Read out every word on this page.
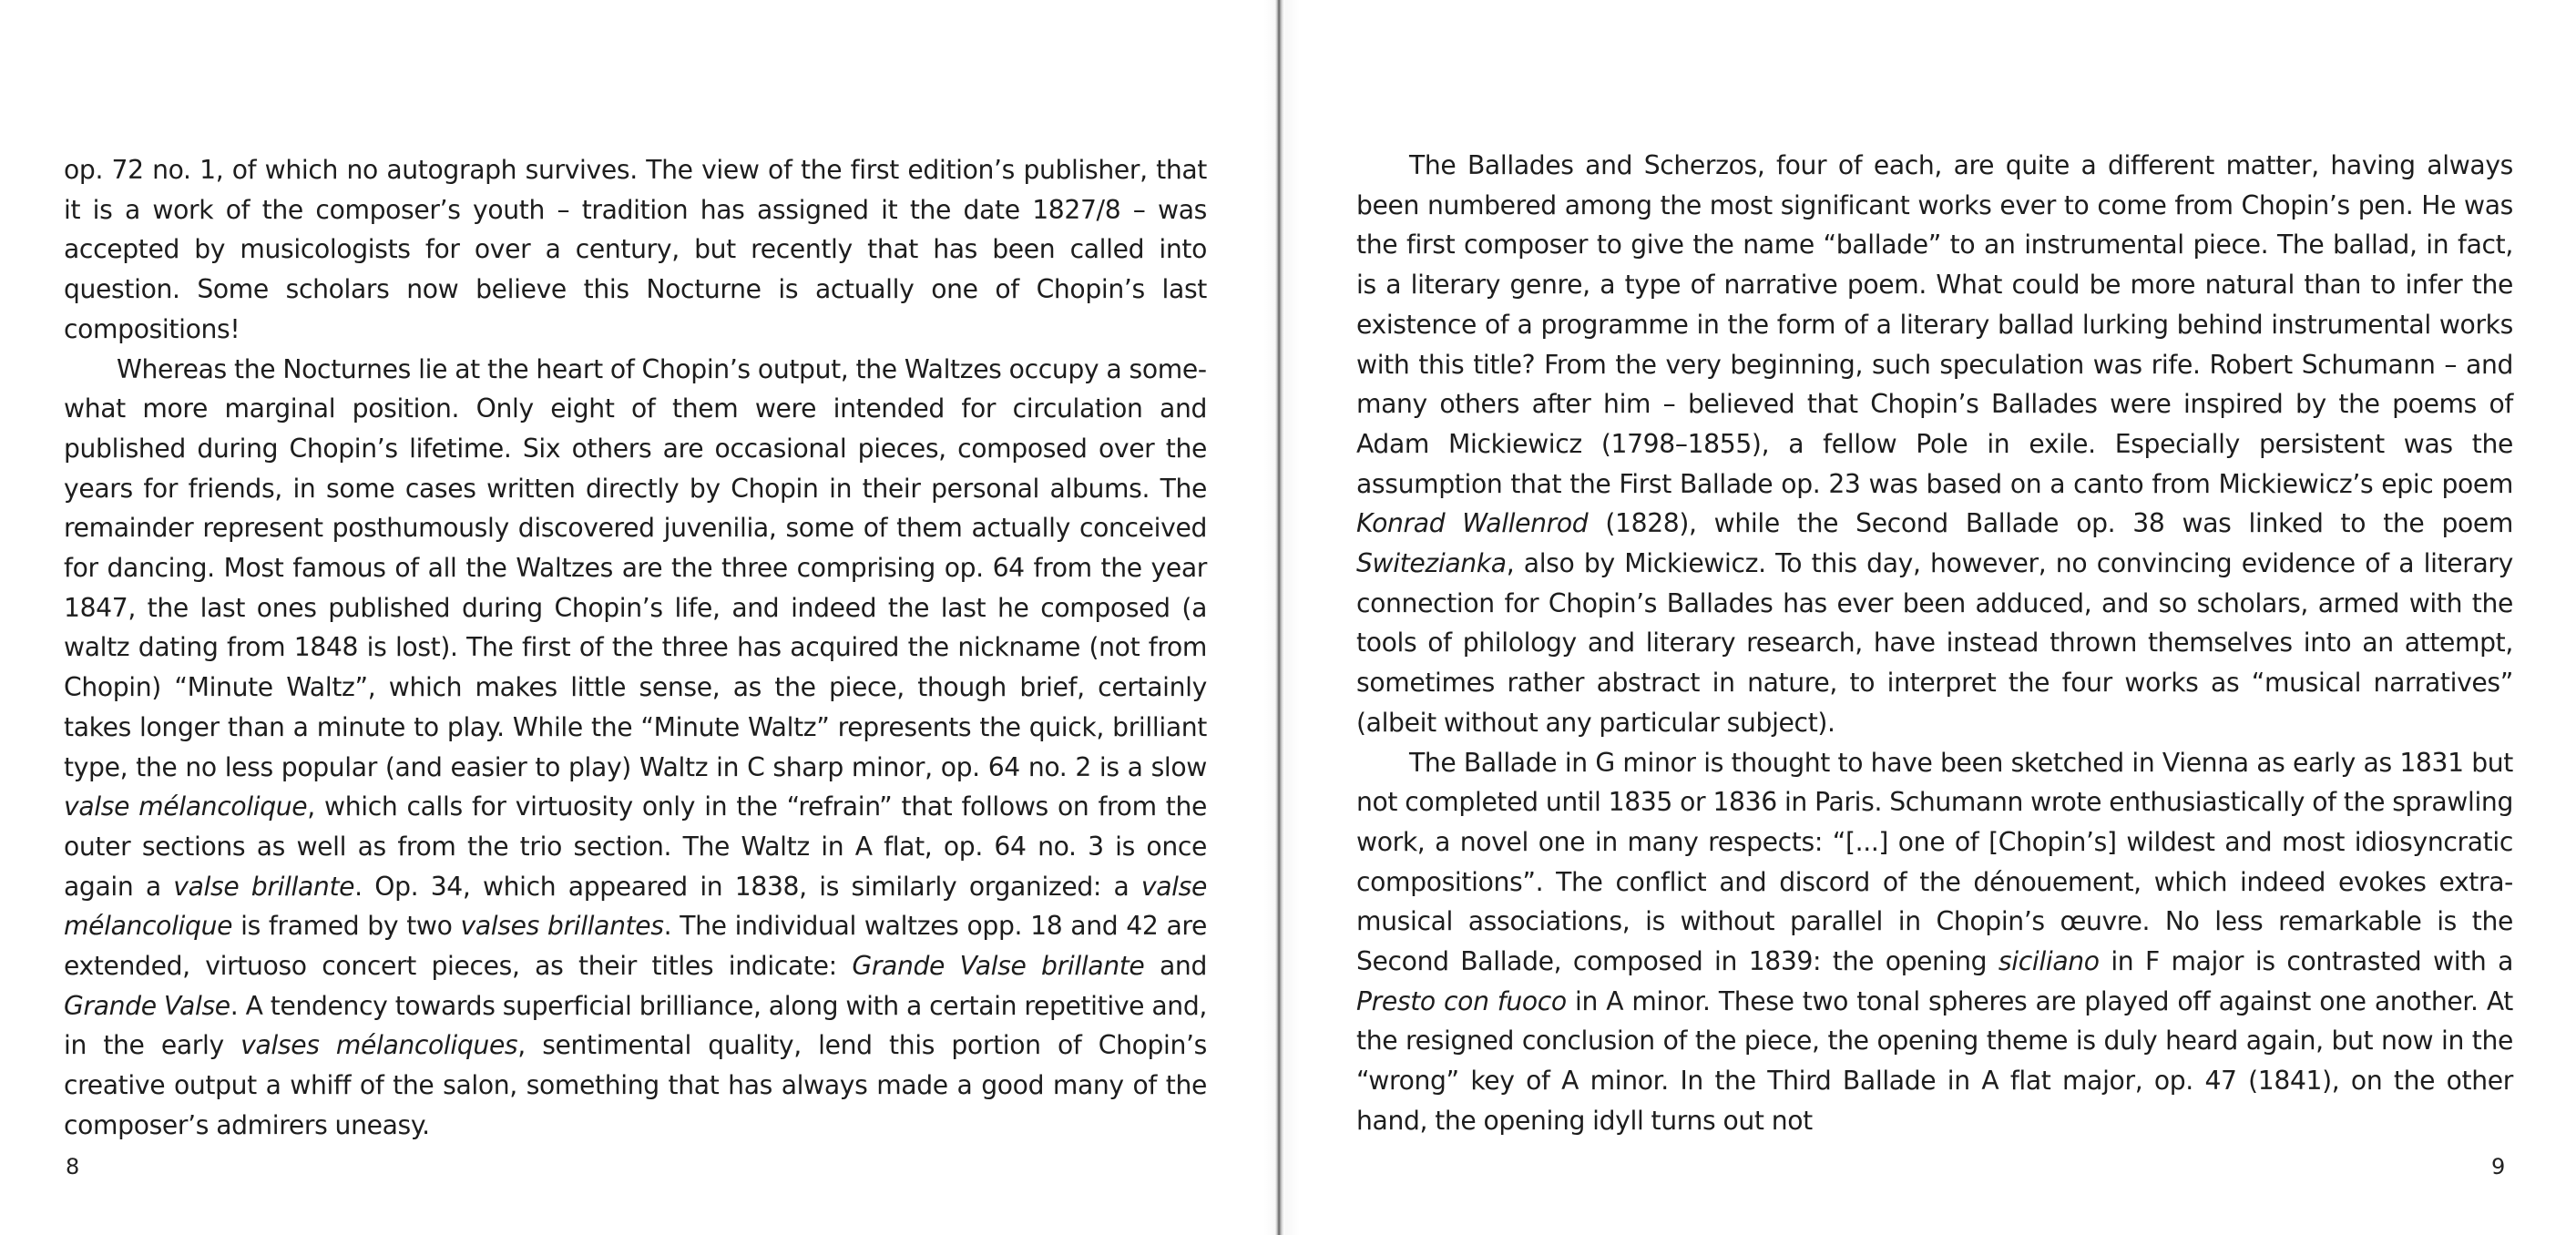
op. 72 no. 1, of which no autograph survives. The view of the first edition’s publisher, that it is a work of the composer’s youth – tradition has assigned it the date 1827/8 – was accepted by musicologists for over a century, but recently that has been called into question. Some scholars now believe this Nocturne is actually one of Chopin’s last compositions!

Whereas the Nocturnes lie at the heart of Chopin’s output, the Waltzes occupy a somewhat more marginal position. Only eight of them were intended for circulation and published during Chopin’s lifetime. Six others are occasional pieces, composed over the years for friends, in some cases written directly by Chopin in their personal albums. The remainder represent posthumously discovered juvenilia, some of them actually conceived for dancing. Most famous of all the Waltzes are the three comprising op. 64 from the year 1847, the last ones published during Chopin’s life, and indeed the last he composed (a waltz dating from 1848 is lost). The first of the three has acquired the nickname (not from Chopin) “Minute Waltz”, which makes little sense, as the piece, though brief, certainly takes longer than a minute to play. While the “Minute Waltz” represents the quick, brilliant type, the no less popular (and easier to play) Waltz in C sharp minor, op. 64 no. 2 is a slow valse mélancolique, which calls for virtuosity only in the “refrain” that follows on from the outer sections as well as from the trio section. The Waltz in A flat, op. 64 no. 3 is once again a valse brillante. Op. 34, which appeared in 1838, is similarly organized: a valse mélancolique is framed by two valses brillantes. The individual waltzes opp. 18 and 42 are extended, virtuoso concert pieces, as their titles indicate: Grande Valse brillante and Grande Valse. A tendency towards superficial brilliance, along with a certain repetitive and, in the early valses mélancoliques, sentimental quality, lend this portion of Chopin’s creative output a whiff of the salon, something that has always made a good many of the composer’s admirers uneasy.

8

The Ballades and Scherzos, four of each, are quite a different matter, having always been numbered among the most significant works ever to come from Chopin’s pen. He was the first composer to give the name “ballade” to an instrumental piece. The ballad, in fact, is a literary genre, a type of narrative poem. What could be more natural than to infer the existence of a programme in the form of a literary ballad lurking behind instrumental works with this title? From the very beginning, such speculation was rife. Robert Schumann – and many others after him – believed that Chopin’s Ballades were inspired by the poems of Adam Mickiewicz (1798–1855), a fellow Pole in exile. Especially persistent was the assumption that the First Ballade op. 23 was based on a canto from Mickiewicz’s epic poem Konrad Wallenrod (1828), while the Second Ballade op. 38 was linked to the poem Switezianka, also by Mickiewicz. To this day, however, no convincing evidence of a literary connection for Chopin’s Ballades has ever been adduced, and so scholars, armed with the tools of philology and literary research, have instead thrown themselves into an attempt, sometimes rather abstract in nature, to interpret the four works as “musical narratives” (albeit without any particular subject).

The Ballade in G minor is thought to have been sketched in Vienna as early as 1831 but not completed until 1835 or 1836 in Paris. Schumann wrote enthusiastically of the sprawling work, a novel one in many respects: “[...] one of [Chopin’s] wildest and most idiosyncratic compositions”. The conflict and discord of the dénouement, which indeed evokes extra-musical associations, is without parallel in Chopin’s œuvre. No less remarkable is the Second Ballade, composed in 1839: the opening siciliano in F major is contrasted with a Presto con fuoco in A minor. These two tonal spheres are played off against one another. At the resigned conclusion of the piece, the opening theme is duly heard again, but now in the “wrong” key of A minor. In the Third Ballade in A flat major, op. 47 (1841), on the other hand, the opening idyll turns out not

9
